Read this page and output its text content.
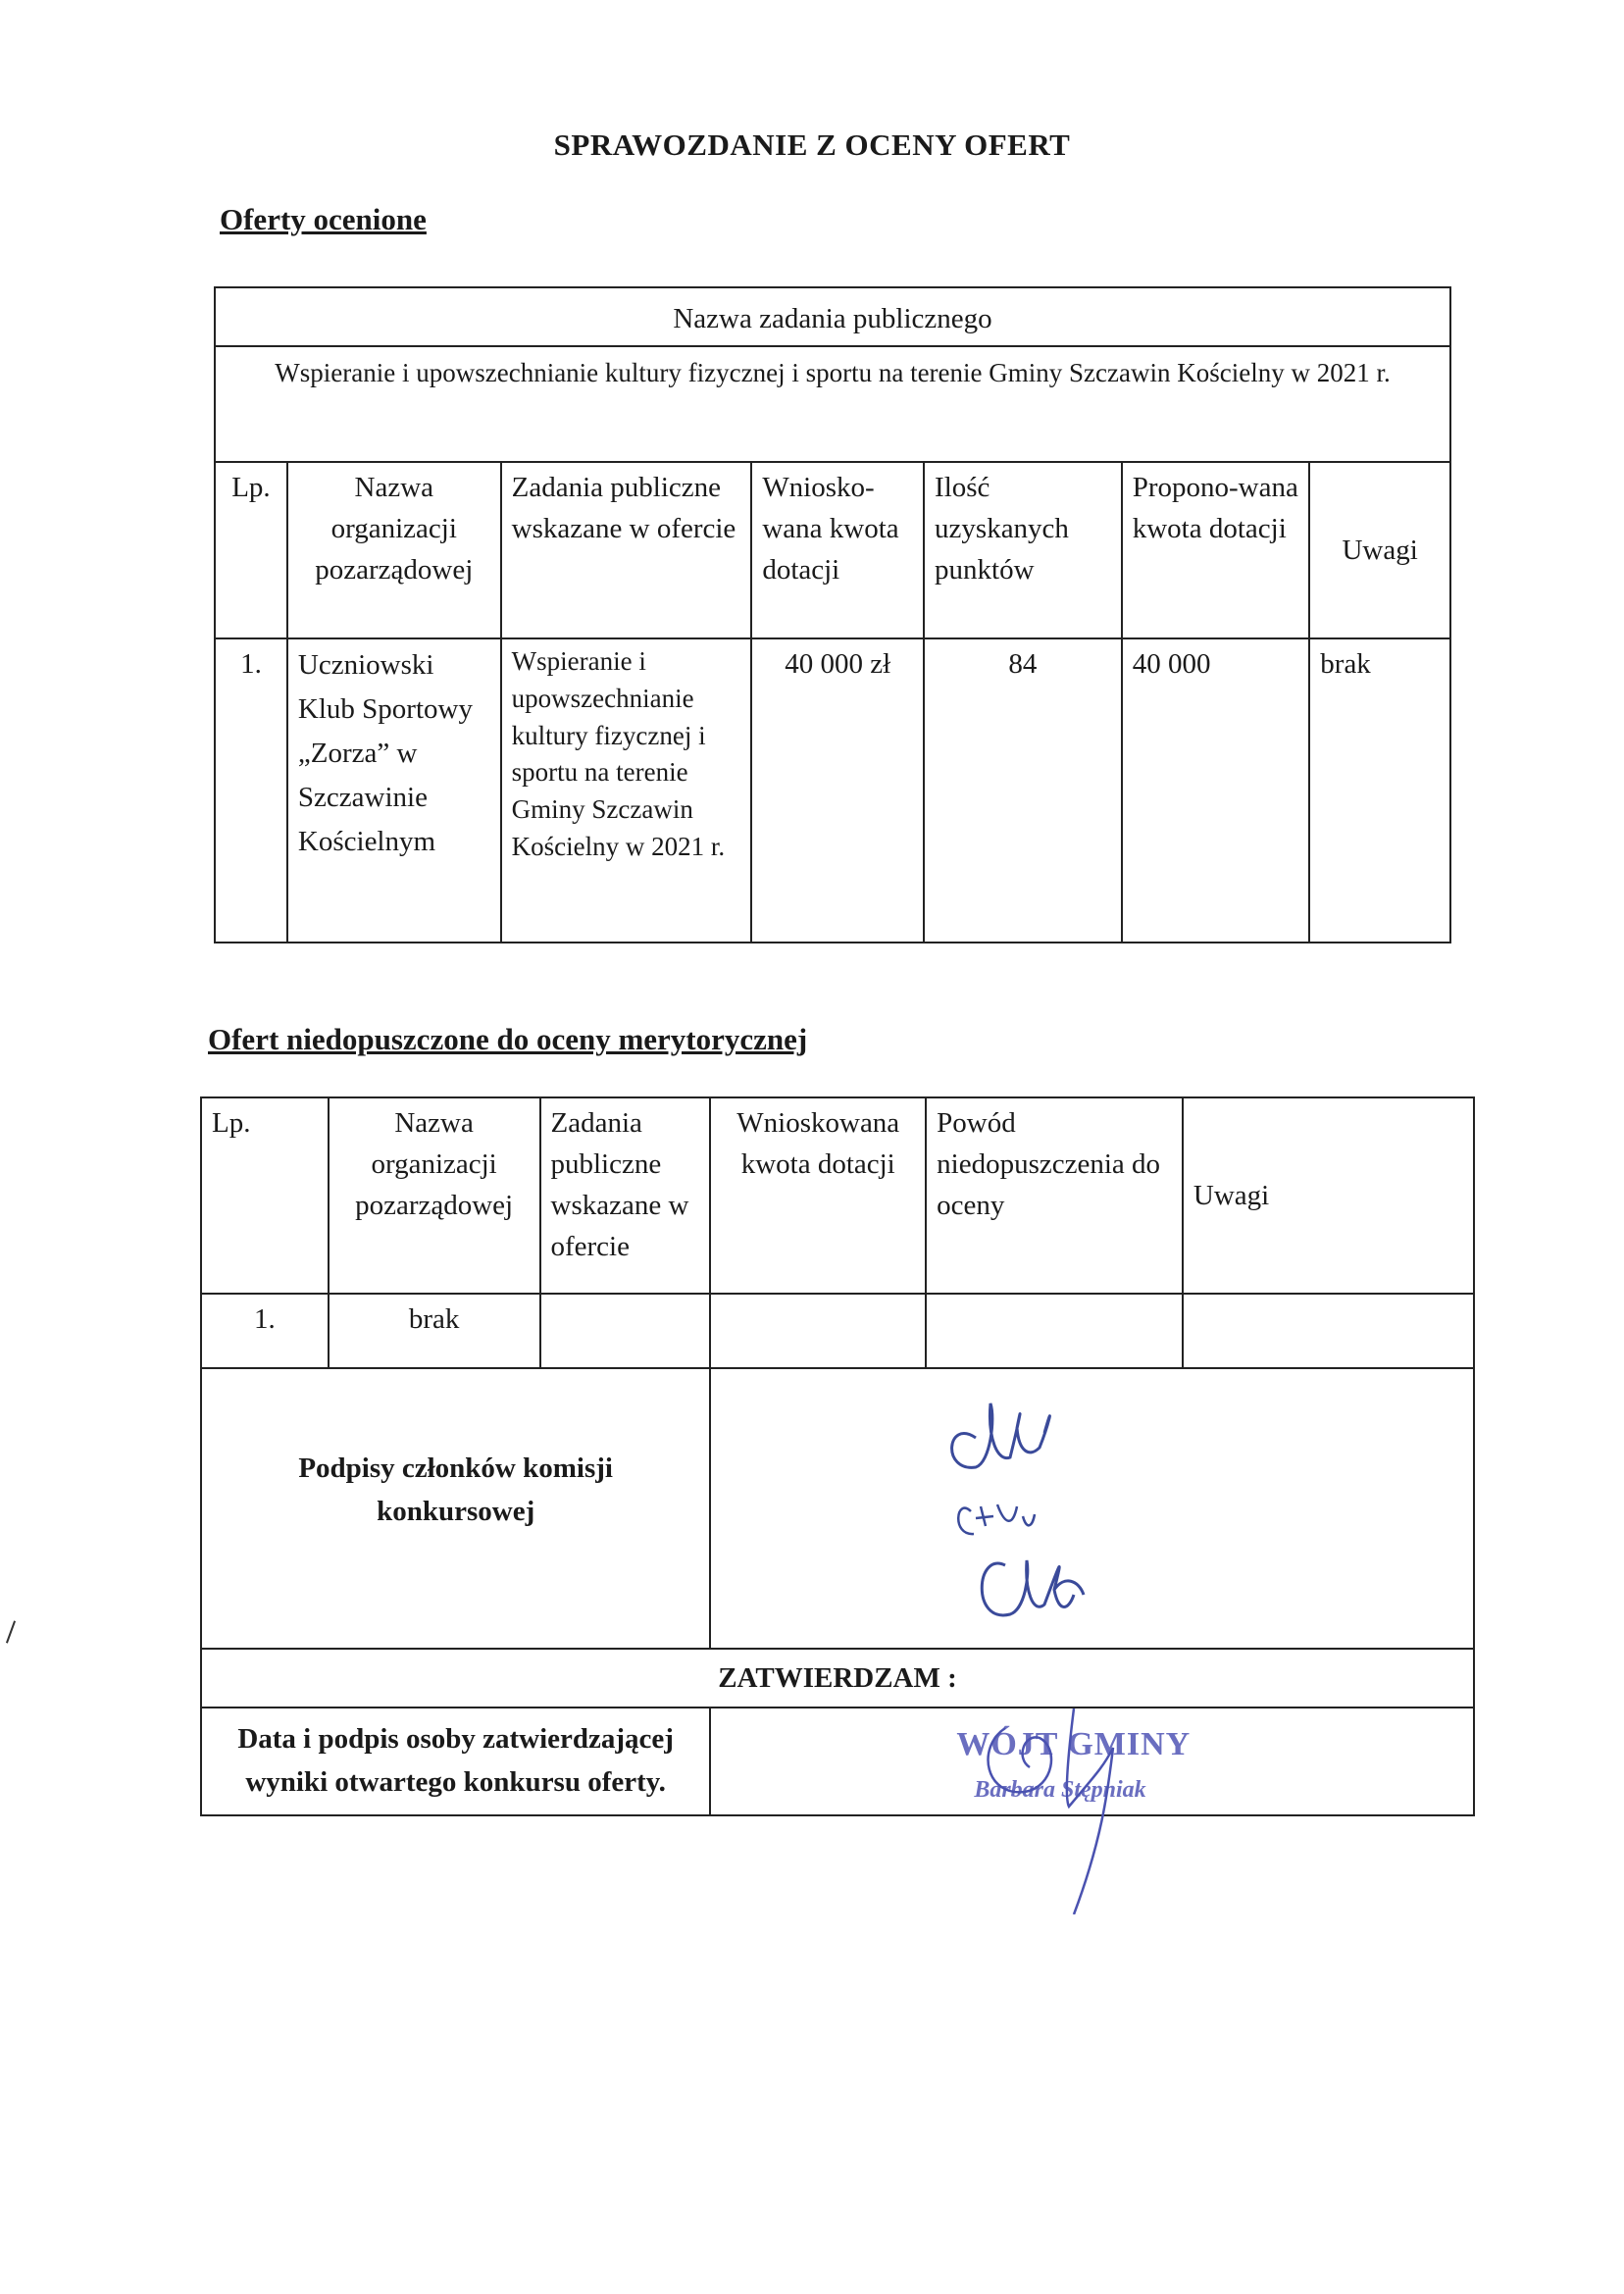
SPRAWOZDANIE Z OCENY OFERT
Oferty ocenione
Nazwa zadania publicznego						
Wspieranie i upowszechnianie kultury fizycznej i sportu na terenie Gminy Szczawin Kościelny w 2021 r.						
Lp.	Nazwa organizacji pozarządowej	Zadania publiczne wskazane w ofercie	Wniosko-wana kwota dotacji	Ilość uzyskanych punktów	Propono-wana kwota dotacji	Uwagi
1.	Uczniowski Klub Sportowy „Zorza” w Szczawinie Kościelnym	Wspieranie i upowszechnianie kultury fizycznej i sportu na terenie Gminy Szczawin Kościelny w 2021 r.	40 000 zł	84	40 000	brak
Ofert niedopuszczone do oceny merytorycznej
Lp.	Nazwa organizacji pozarządowej	Zadania publiczne wskazane w ofercie	Wnioskowana kwota dotacji	Powód niedopuszczenia do oceny	Uwagi
1.	brak				
Podpisy członków komisji konkursowej	

ZATWIERDZAM :					
Data i podpis osoby zatwierdzającej wyniki otwartego konkursu oferty.			WÓJT GMINY
Barbara Stępniak		
